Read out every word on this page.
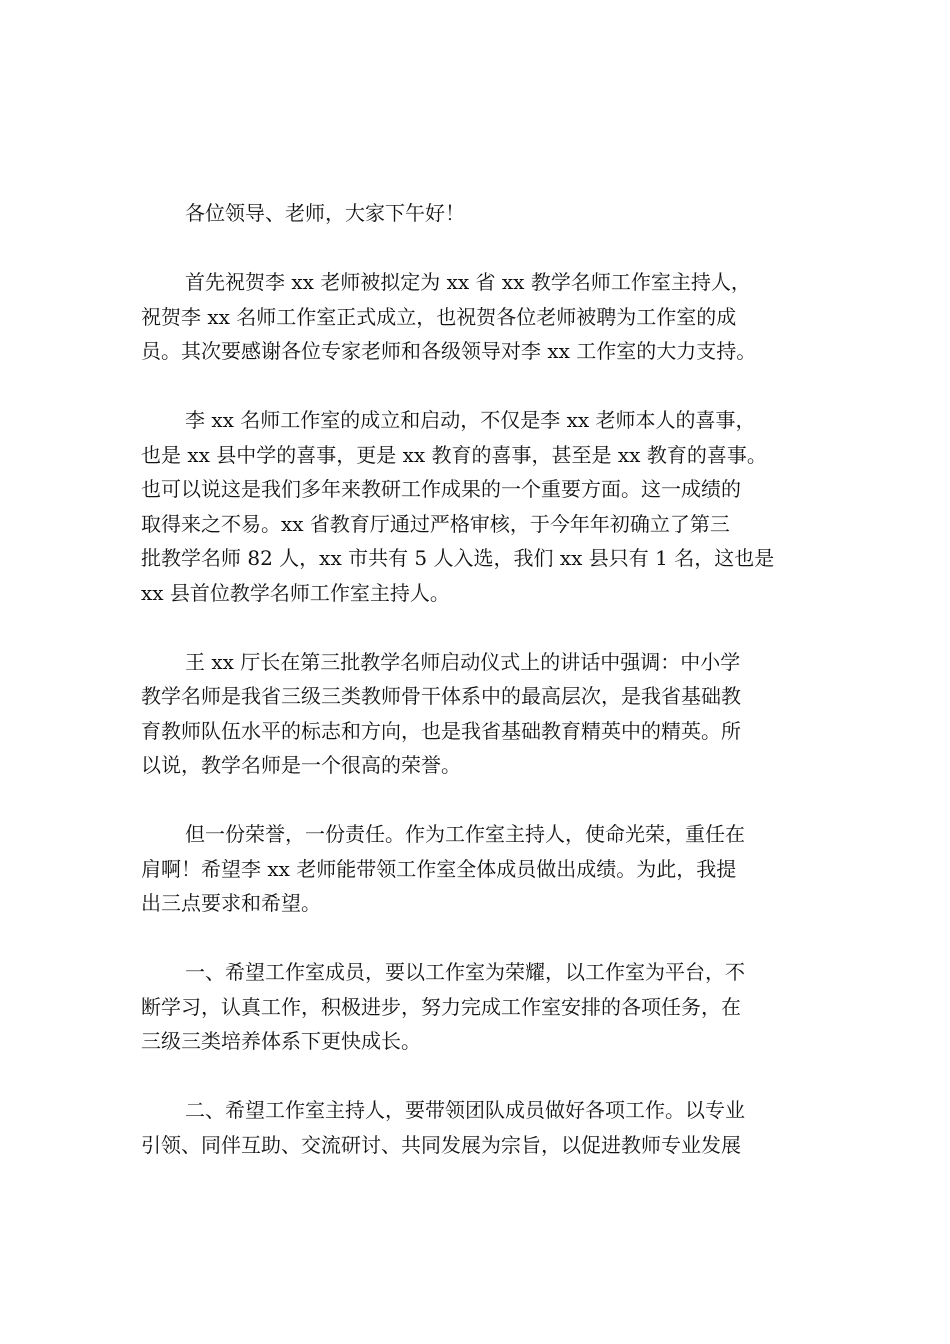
各位领导、老师，大家下午好！

首先祝贺李 xx 老师被拟定为 xx 省 xx 教学名师工作室主持人，
祝贺李 xx 名师工作室正式成立，也祝贺各位老师被聘为工作室的成
员。其次要感谢各位专家老师和各级领导对李 xx 工作室的大力支持。

李 xx 名师工作室的成立和启动，不仅是李 xx 老师本人的喜事，
也是 xx 县中学的喜事，更是 xx 教育的喜事，甚至是 xx 教育的喜事。
也可以说这是我们多年来教研工作成果的一个重要方面。这一成绩的
取得来之不易。xx 省教育厅通过严格审核，于今年年初确立了第三
批教学名师 82 人，xx 市共有 5 人入选，我们 xx 县只有 1 名，这也是
xx 县首位教学名师工作室主持人。

王 xx 厅长在第三批教学名师启动仪式上的讲话中强调：中小学
教学名师是我省三级三类教师骨干体系中的最高层次，是我省基础教
育教师队伍水平的标志和方向，也是我省基础教育精英中的精英。所
以说，教学名师是一个很高的荣誉。

但一份荣誉，一份责任。作为工作室主持人，使命光荣，重任在
肩啊！希望李 xx 老师能带领工作室全体成员做出成绩。为此，我提
出三点要求和希望。

一、希望工作室成员，要以工作室为荣耀，以工作室为平台，不
断学习，认真工作，积极进步，努力完成工作室安排的各项任务，在
三级三类培养体系下更快成长。

二、希望工作室主持人，要带领团队成员做好各项工作。以专业
引领、同伴互助、交流研讨、共同发展为宗旨，以促进教师专业发展
